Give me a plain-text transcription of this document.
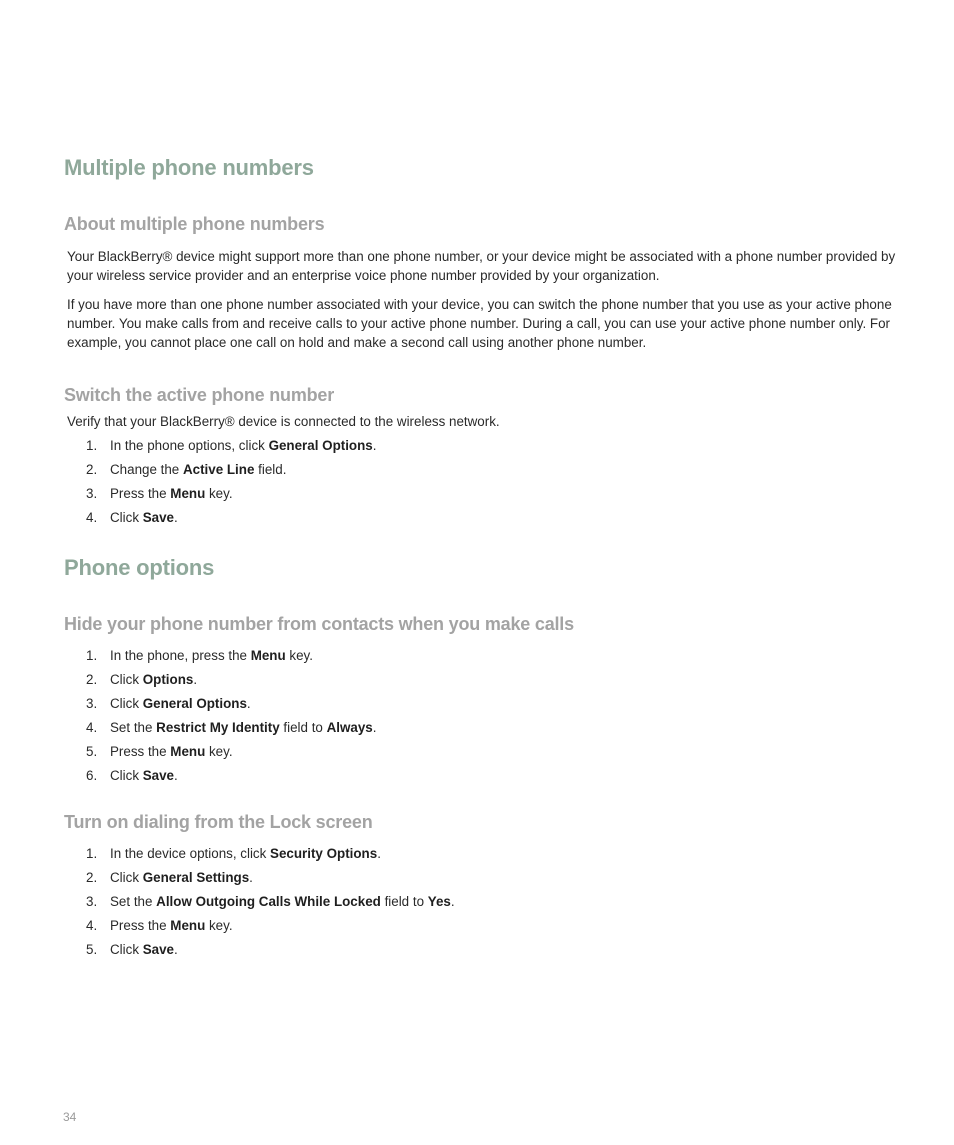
Multiple phone numbers
About multiple phone numbers

Your BlackBerry® device might support more than one phone number, or your device might be associated with a phone number provided by your wireless service provider and an enterprise voice phone number provided by your organization.

If you have more than one phone number associated with your device, you can switch the phone number that you use as your active phone number. You make calls from and receive calls to your active phone number. During a call, you can use your active phone number only. For example, you cannot place one call on hold and make a second call using another phone number.

Switch the active phone number

Verify that your BlackBerry® device is connected to the wireless network.

1. In the phone options, click General Options.
2. Change the Active Line field.
3. Press the Menu key.
4. Click Save.
Phone options
Hide your phone number from contacts when you make calls
1. In the phone, press the Menu key.
2. Click Options.
3. Click General Options.
4. Set the Restrict My Identity field to Always.
5. Press the Menu key.
6. Click Save.
Turn on dialing from the Lock screen
1. In the device options, click Security Options.
2. Click General Settings.
3. Set the Allow Outgoing Calls While Locked field to Yes.
4. Press the Menu key.
5. Click Save.
34
